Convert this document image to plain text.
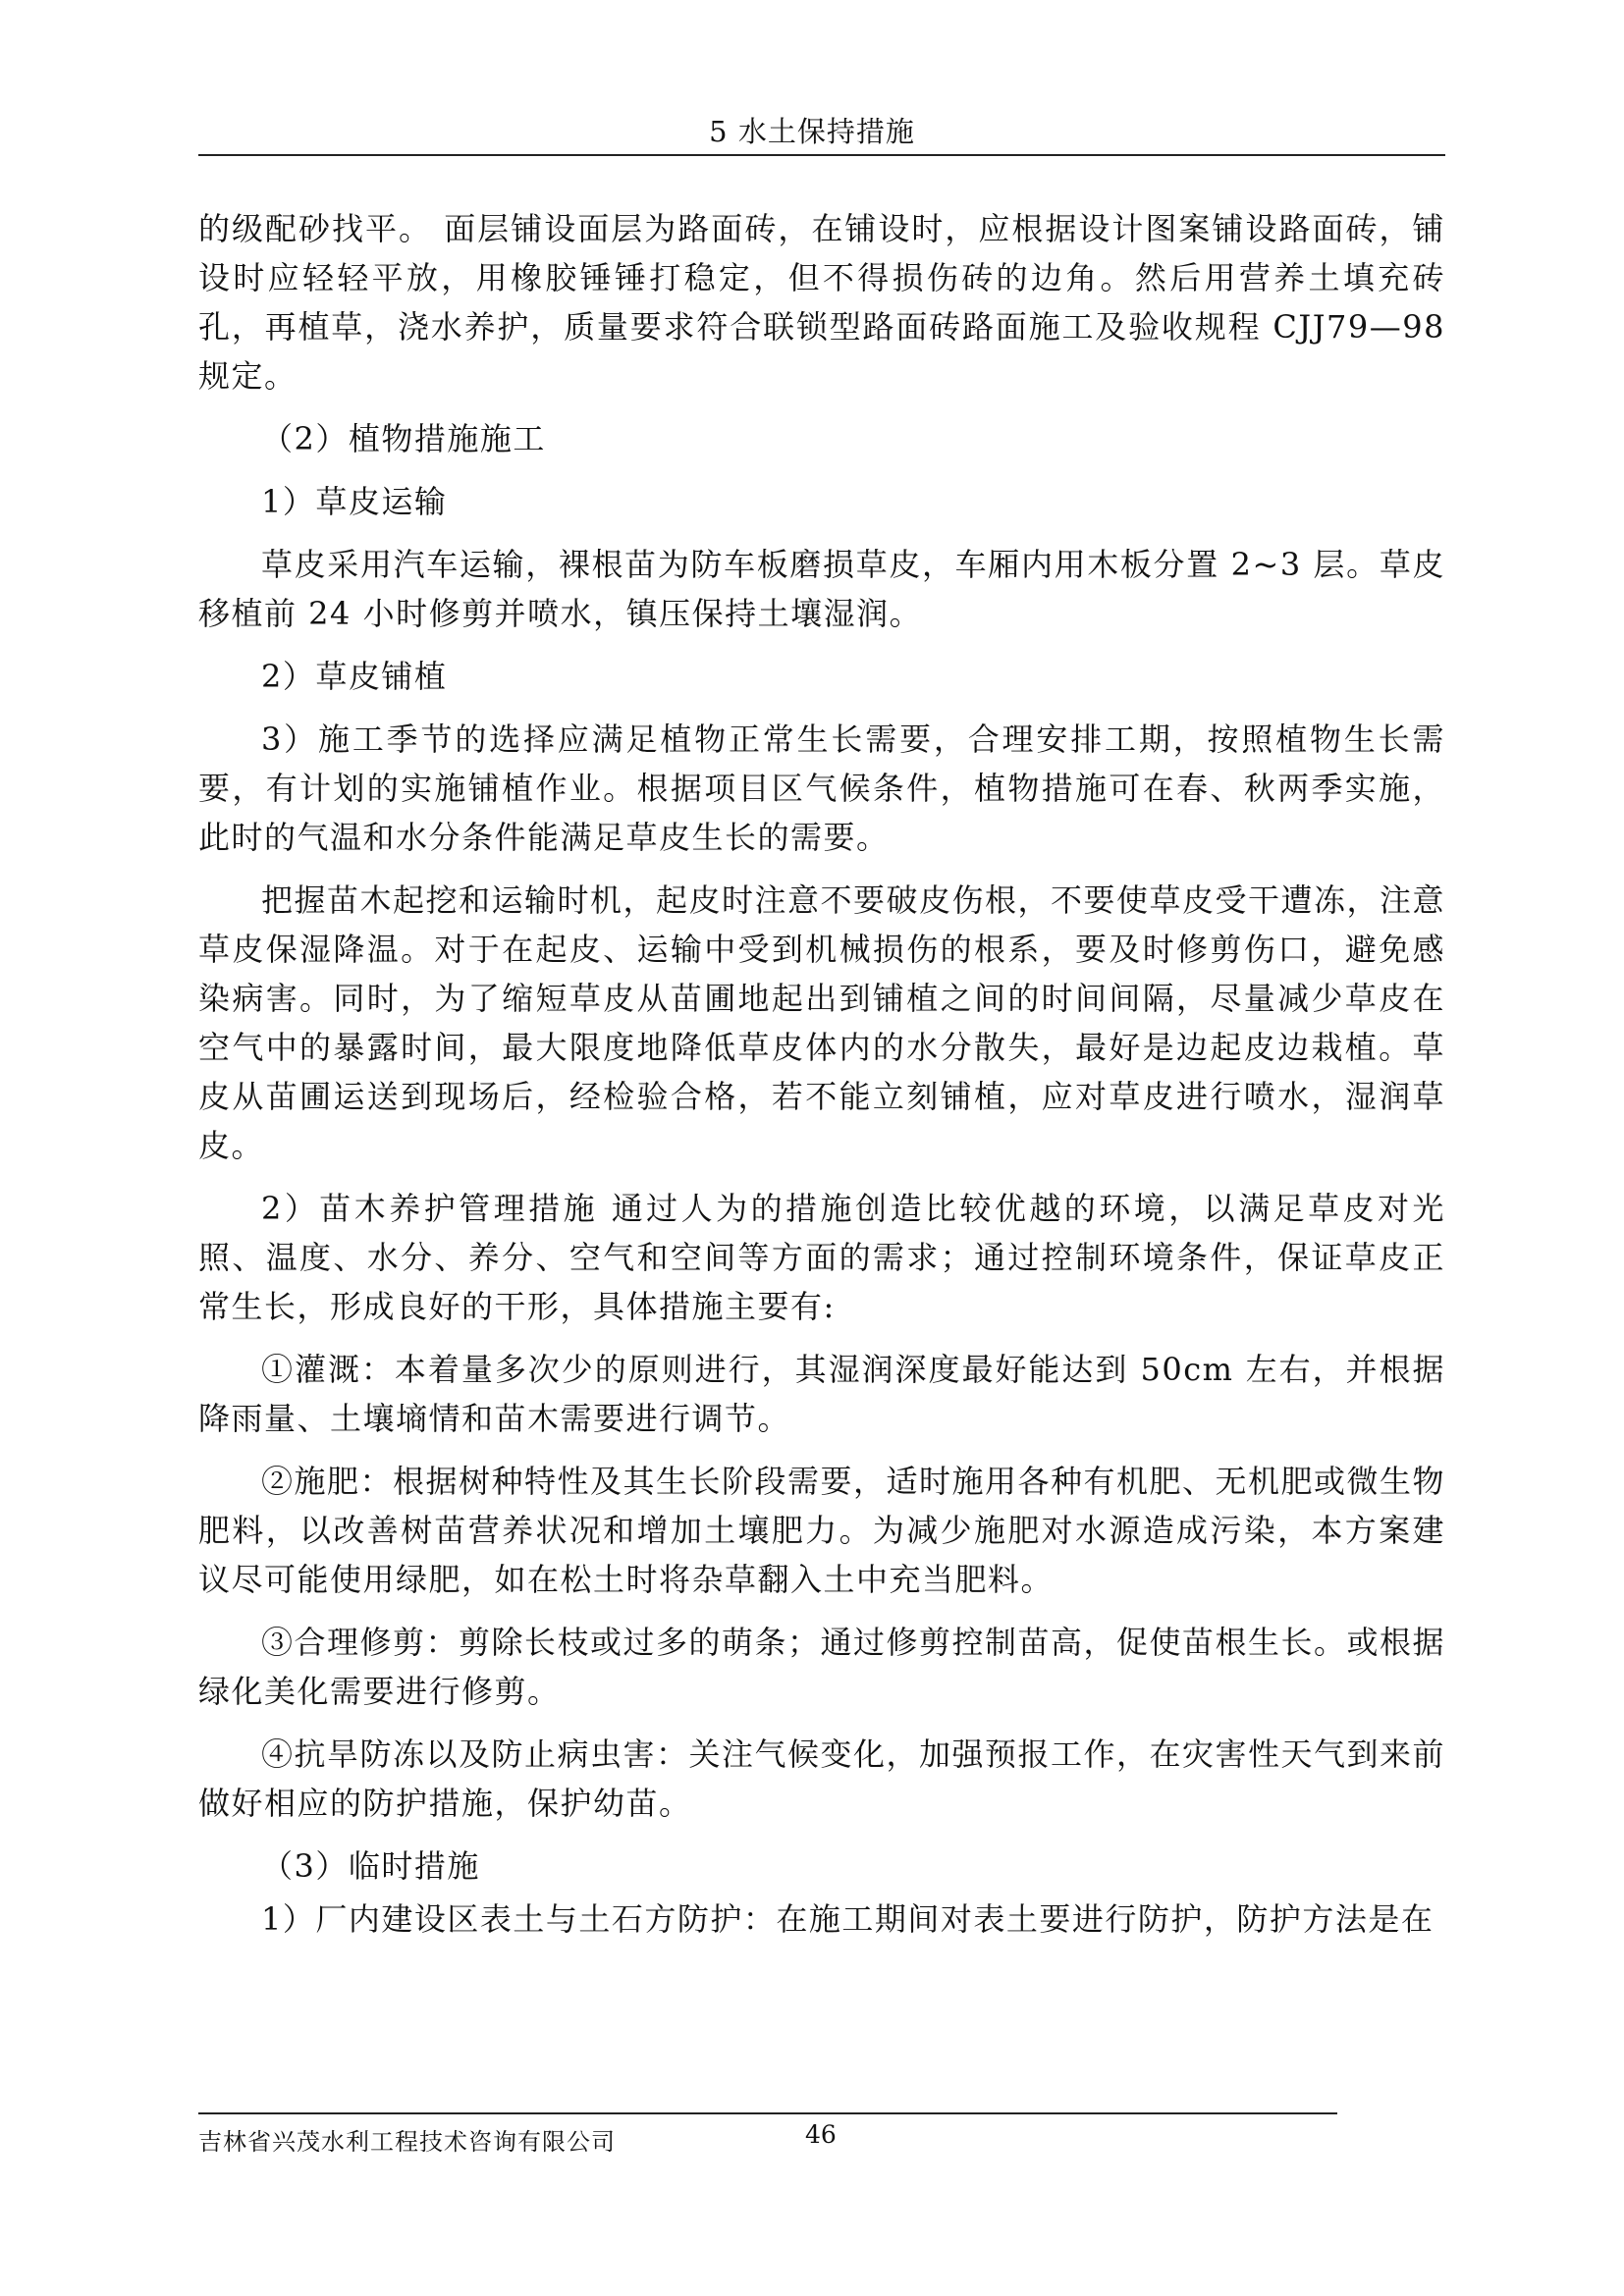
5 水土保持措施

的级配砂找平。 面层铺设面层为路面砖，在铺设时，应根据设计图案铺设路面砖，铺设时应轻轻平放，用橡胶锤锤打稳定，但不得损伤砖的边角。然后用营养土填充砖孔，再植草，浇水养护，质量要求符合联锁型路面砖路面施工及验收规程 CJJ79—98 规定。

（2）植物措施施工

1）草皮运输

草皮采用汽车运输，裸根苗为防车板磨损草皮，车厢内用木板分置 2~3 层。草皮移植前 24 小时修剪并喷水，镇压保持土壤湿润。

2）草皮铺植

3）施工季节的选择应满足植物正常生长需要，合理安排工期，按照植物生长需要，有计划的实施铺植作业。根据项目区气候条件，植物措施可在春、秋两季实施，此时的气温和水分条件能满足草皮生长的需要。

把握苗木起挖和运输时机，起皮时注意不要破皮伤根，不要使草皮受干遭冻，注意草皮保湿降温。对于在起皮、运输中受到机械损伤的根系，要及时修剪伤口，避免感染病害。同时，为了缩短草皮从苗圃地起出到铺植之间的时间间隔，尽量减少草皮在空气中的暴露时间，最大限度地降低草皮体内的水分散失，最好是边起皮边栽植。草皮从苗圃运送到现场后，经检验合格，若不能立刻铺植，应对草皮进行喷水，湿润草皮。

2）苗木养护管理措施 通过人为的措施创造比较优越的环境，以满足草皮对光照、温度、水分、养分、空气和空间等方面的需求；通过控制环境条件，保证草皮正常生长，形成良好的干形，具体措施主要有:

①灌溉：本着量多次少的原则进行，其湿润深度最好能达到 50cm 左右，并根据降雨量、土壤墒情和苗木需要进行调节。

②施肥：根据树种特性及其生长阶段需要，适时施用各种有机肥、无机肥或微生物肥料，以改善树苗营养状况和增加土壤肥力。为减少施肥对水源造成污染，本方案建议尽可能使用绿肥，如在松土时将杂草翻入土中充当肥料。

③合理修剪：剪除长枝或过多的萌条；通过修剪控制苗高，促使苗根生长。或根据绿化美化需要进行修剪。

④抗旱防冻以及防止病虫害：关注气候变化，加强预报工作，在灾害性天气到来前做好相应的防护措施，保护幼苗。

（3）临时措施

1）厂内建设区表土与土石方防护：在施工期间对表土要进行防护，防护方法是在

吉林省兴茂水利工程技术咨询有限公司	46
